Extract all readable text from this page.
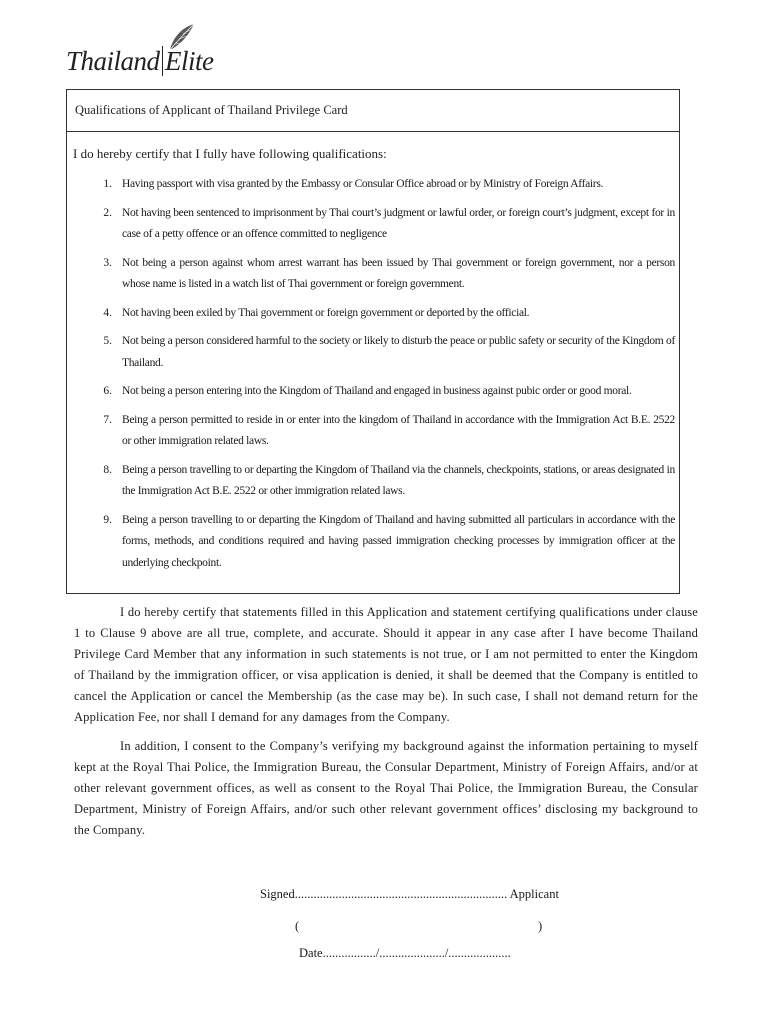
Thailand Elite
Qualifications of Applicant of Thailand Privilege Card
I do hereby certify that I fully have following qualifications:
1. Having passport with visa granted by the Embassy or Consular Office abroad or by Ministry of Foreign Affairs.
2. Not having been sentenced to imprisonment by Thai court’s judgment or lawful order, or foreign court’s judgment, except for in case of a petty offence or an offence committed to negligence
3. Not being a person against whom arrest warrant has been issued by Thai government or foreign government, nor a person whose name is listed in a watch list of Thai government or foreign government.
4. Not having been exiled by Thai government or foreign government or deported by the official.
5. Not being a person considered harmful to the society or likely to disturb the peace or public safety or security of the Kingdom of Thailand.
6. Not being a person entering into the Kingdom of Thailand and engaged in business against pubic order or good moral.
7. Being a person permitted to reside in or enter into the kingdom of Thailand in accordance with the Immigration Act B.E. 2522 or other immigration related laws.
8. Being a person travelling to or departing the Kingdom of Thailand via the channels, checkpoints, stations, or areas designated in the Immigration Act B.E. 2522 or other immigration related laws.
9. Being a person travelling to or departing the Kingdom of Thailand and having submitted all particulars in accordance with the forms, methods, and conditions required and having passed immigration checking processes by immigration officer at the underlying checkpoint.
I do hereby certify that statements filled in this Application and statement certifying qualifications under clause 1 to Clause 9 above are all true, complete, and accurate. Should it appear in any case after I have become Thailand Privilege Card Member that any information in such statements is not true, or I am not permitted to enter the Kingdom of Thailand by the immigration officer, or visa application is denied, it shall be deemed that the Company is entitled to cancel the Application or cancel the Membership (as the case may be). In such case, I shall not demand return for the Application Fee, nor shall I demand for any damages from the Company.
In addition, I consent to the Company’s verifying my background against the information pertaining to myself kept at the Royal Thai Police, the Immigration Bureau, the Consular Department, Ministry of Foreign Affairs, and/or at other relevant government offices, as well as consent to the Royal Thai Police, the Immigration Bureau, the Consular Department, Ministry of Foreign Affairs, and/or such other relevant government offices’ disclosing my background to the Company.
Signed.................................................................... Applicant
(	)
Date................./...................../....................
